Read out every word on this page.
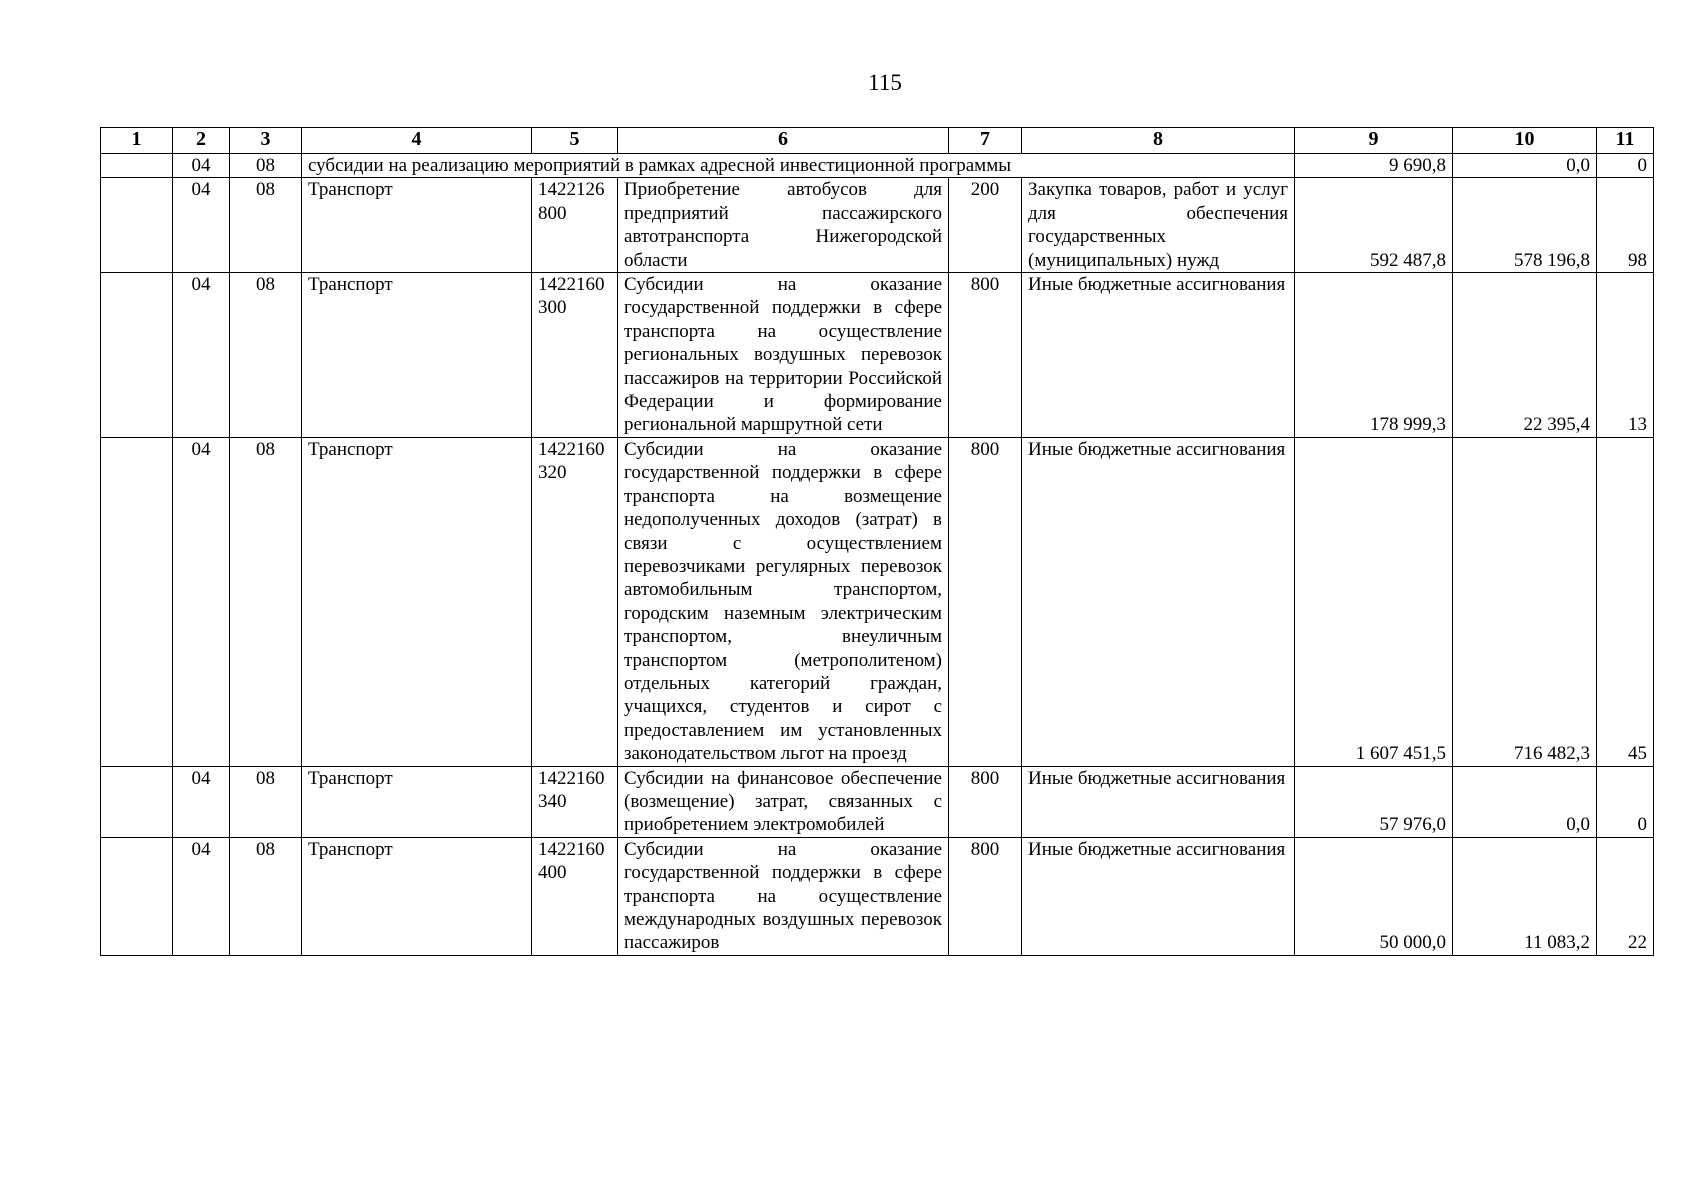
115
1	2	3	4	5	6	7	8	9	10	11
	04	08	субсидии на реализацию мероприятий в рамках адресной инвестиционной программы					9 690,8	0,0	0
	04	08	Транспорт	1422126800	Приобретение автобусов для предприятий пассажирского автотранспорта Нижегородской области	200	Закупка товаров, работ и услуг для обеспечения государственных (муниципальных) нужд	592 487,8	578 196,8	98
	04	08	Транспорт	1422160300	Субсидии на оказание государственной поддержки в сфере транспорта на осуществление региональных воздушных перевозок пассажиров на территории Российской Федерации и формирование региональной маршрутной сети	800	Иные бюджетные ассигнования	178 999,3	22 395,4	13
	04	08	Транспорт	1422160320	Субсидии на оказание государственной поддержки в сфере транспорта на возмещение недополученных доходов (затрат) в связи с осуществлением перевозчиками регулярных перевозок автомобильным транспортом, городским наземным электрическим транспортом, внеуличным транспортом (метрополитеном) отдельных категорий граждан, учащихся, студентов и сирот с предоставлением им установленных законодательством льгот на проезд	800	Иные бюджетные ассигнования	1 607 451,5	716 482,3	45
	04	08	Транспорт	1422160340	Субсидии на финансовое обеспечение (возмещение) затрат, связанных с приобретением электромобилей	800	Иные бюджетные ассигнования	57 976,0	0,0	0
	04	08	Транспорт	1422160400	Субсидии на оказание государственной поддержки в сфере транспорта на осуществление международных воздушных перевозок пассажиров	800	Иные бюджетные ассигнования	50 000,0	11 083,2	22
